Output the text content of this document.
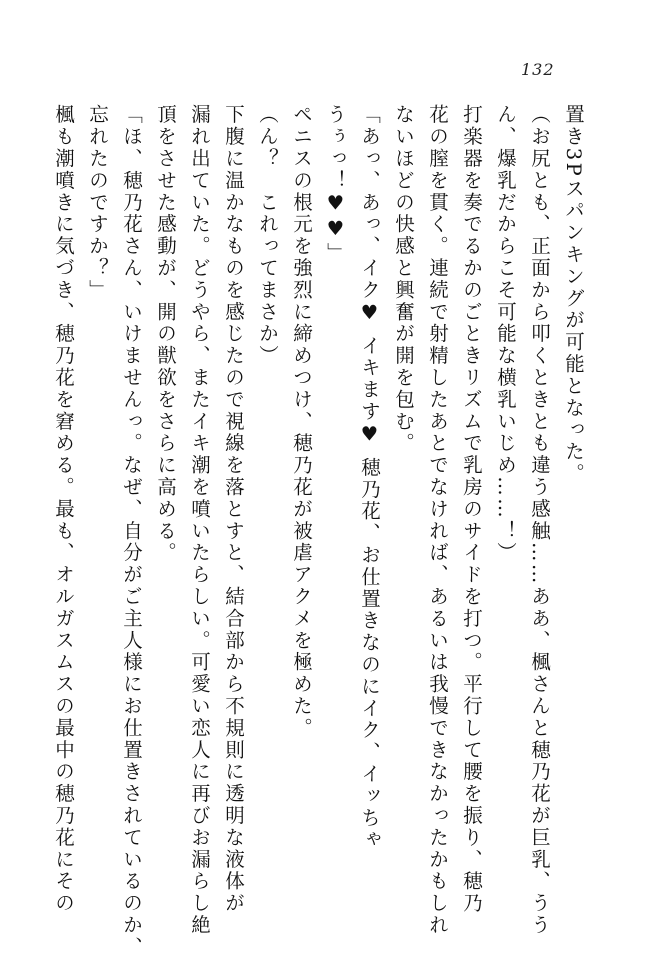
132
置き3Pスパンキングが可能となった。
（お尻とも、正面から叩くときとも違う感触……ああ、楓さんと穂乃花が巨乳、うう
ん、爆乳だからこそ可能な横乳いじめ……！）
打楽器を奏でるかのごときリズムで乳房のサイドを打つ。平行して腰を振り、穂乃
花の膣を貫く。連続で射精したあとでなければ、あるいは我慢できなかったかもしれ
ないほどの快感と興奮が開を包む。
「あっ、あっ、イク♥ イキます♥ 穂乃花、お仕置きなのにイク、イッちゃ
うぅっ！♥♥」
ペニスの根元を強烈に締めつけ、穂乃花が被虐アクメを極めた。
（ん？　これってまさか）
下腹に温かなものを感じたので視線を落とすと、結合部から不規則に透明な液体が
漏れ出ていた。どうやら、またイキ潮を噴いたらしい。可愛い恋人に再びお漏らし絶
頂をさせた感動が、開の獣欲をさらに高める。
「ほ、穂乃花さん、いけませんっ。なぜ、自分がご主人様にお仕置きされているのか、
忘れたのですか？」
楓も潮噴きに気づき、穂乃花を窘める。最も、オルガスムスの最中の穂乃花にその
